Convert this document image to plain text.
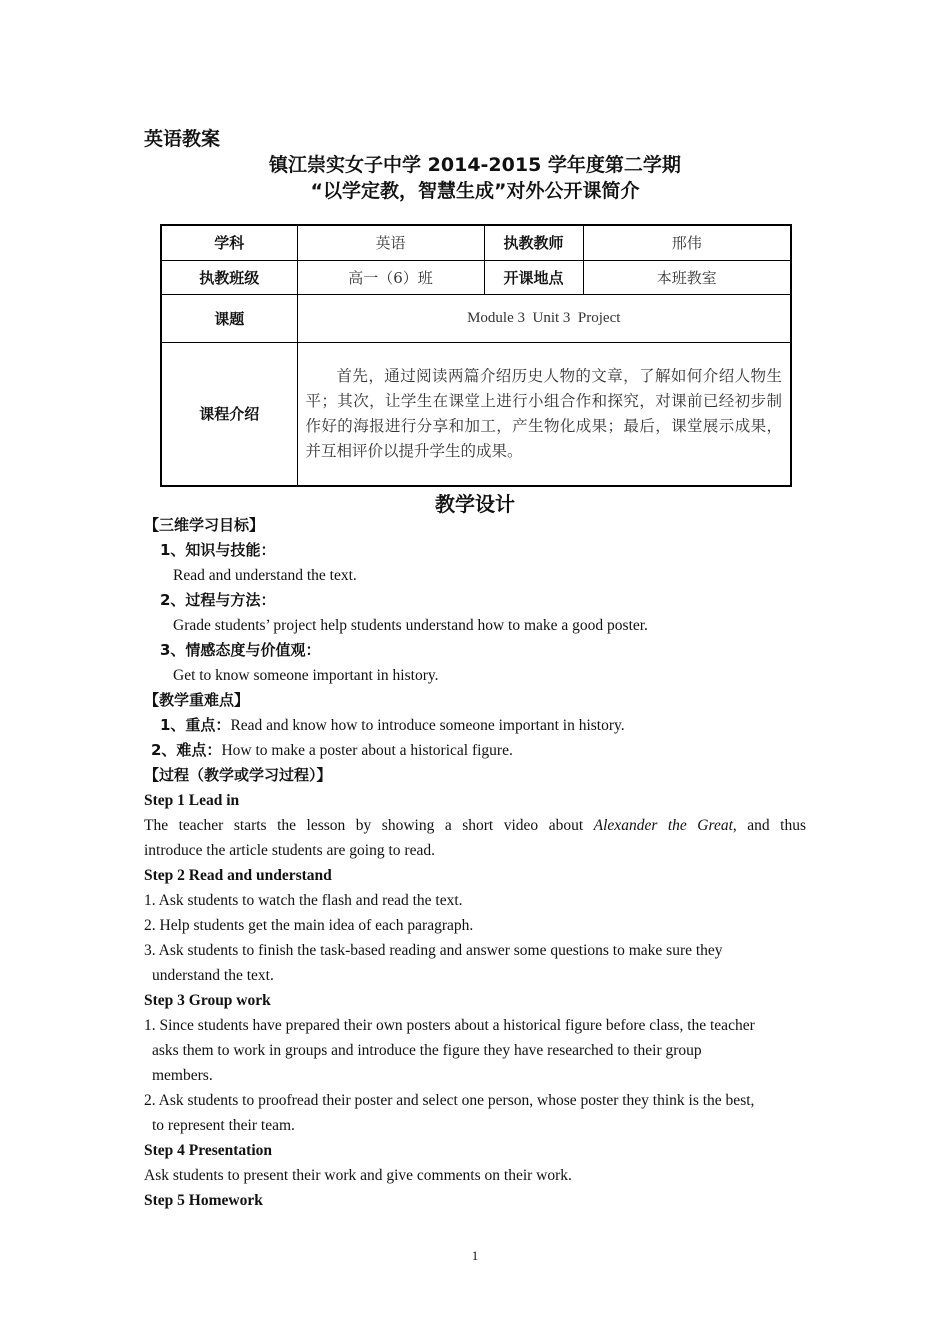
英语教案
镇江崇实女子中学 2014-2015 学年度第二学期
“以学定教，智慧生成”对外公开课简介
学科	英语	执教教师	邢伟
执教班级	高一（6）班	开课地点	本班教室
课题	Module 3  Unit 3  Project		
课程介绍	首先，通过阅读两篇介绍历史人物的文章，了解如何介绍人物生平；其次，让学生在课堂上进行小组合作和探究，对课前已经初步制作好的海报进行分享和加工，产生物化成果；最后，课堂展示成果，并互相评价以提升学生的成果。		
教学设计
【三维学习目标】
1、知识与技能：
Read and understand the text.
2、过程与方法：
Grade students’ project help students understand how to make a good poster.
3、情感态度与价值观：
Get to know someone important in history.
【教学重难点】
1、重点：Read and know how to introduce someone important in history.
2、难点：How to make a poster about a historical figure.
【过程（教学或学习过程）】
Step 1 Lead in
The teacher starts the lesson by showing a short video about Alexander the Great, and thus
introduce the article students are going to read.
Step 2 Read and understand
1. Ask students to watch the flash and read the text.
2. Help students get the main idea of each paragraph.
3. Ask students to finish the task-based reading and answer some questions to make sure they
understand the text.
Step 3 Group work
1. Since students have prepared their own posters about a historical figure before class, the teacher
asks them to work in groups and introduce the figure they have researched to their group
members.
2. Ask students to proofread their poster and select one person, whose poster they think is the best,
to represent their team.
Step 4 Presentation
Ask students to present their work and give comments on their work.
Step 5 Homework
1
